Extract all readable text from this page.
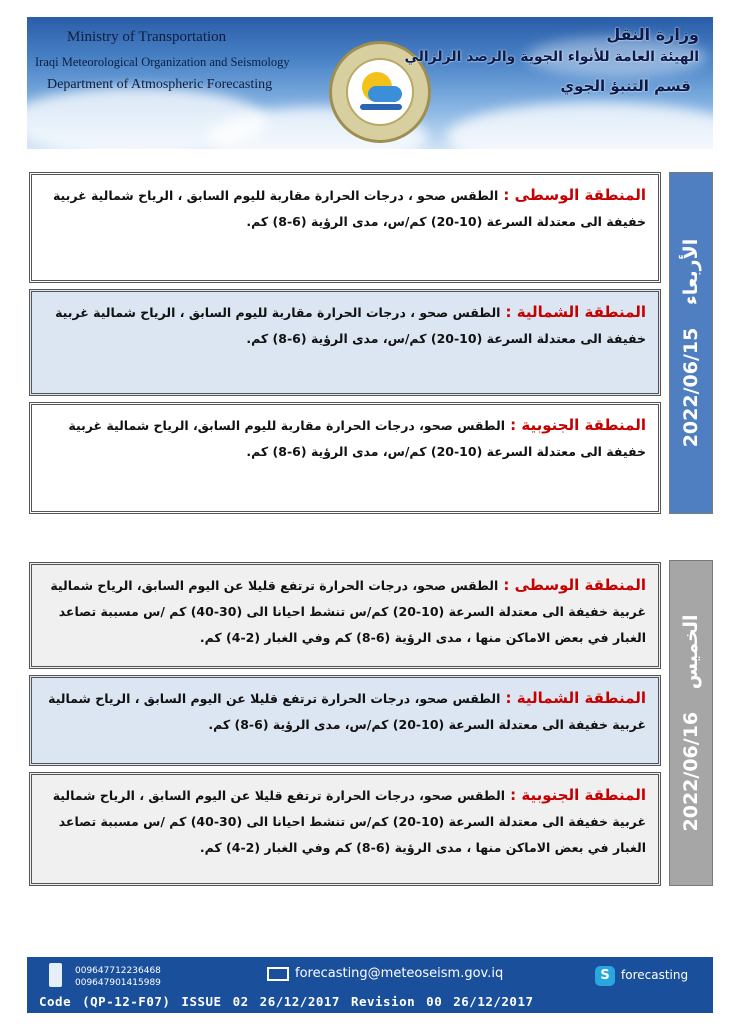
Ministry of Transportation
Iraqi Meteorological Organization and Seismology
Department of Atmospheric Forecasting
وزارة النقل
الهيئة العامة للأنواء الجوية والرصد الزلزالي
قسم التنبؤ الجوي
2022/06/15 الأربعاء
المنطقة الوسطى : الطقس صحو ، درجات الحرارة مقاربة لليوم السابق ، الرياح شمالية غربية خفيفة الى معتدلة السرعة (10-20) كم/س، مدى الرؤية (6-8) كم.
المنطقة الشمالية : الطقس صحو ، درجات الحرارة مقاربة لليوم السابق ، الرياح شمالية غربية خفيفة الى معتدلة السرعة (10-20) كم/س، مدى الرؤية (6-8) كم.
المنطقة الجنوبية : الطقس صحو، درجات الحرارة مقاربة لليوم السابق، الرياح شمالية غربية خفيفة الى معتدلة السرعة (10-20) كم/س، مدى الرؤية (6-8) كم.
2022/06/16 الخميس
المنطقة الوسطى : الطقس صحو، درجات الحرارة ترتفع قليلا عن اليوم السابق، الرياح شمالية غربية خفيفة الى معتدلة السرعة (10-20) كم/س تنشط احيانا الى (30-40) كم /س مسببة تصاعد الغبار في بعض الاماكن منها ، مدى الرؤية (6-8) كم وفي الغبار (2-4) كم.
المنطقة الشمالية : الطقس صحو، درجات الحرارة ترتفع قليلا عن اليوم السابق ، الرياح شمالية غربية خفيفة الى معتدلة السرعة (10-20) كم/س، مدى الرؤية (6-8) كم.
المنطقة الجنوبية : الطقس صحو، درجات الحرارة ترتفع قليلا عن اليوم السابق ، الرياح شمالية غربية خفيفة الى معتدلة السرعة (10-20) كم/س تنشط احيانا الى (30-40) كم /س مسببة تصاعد الغبار في بعض الاماكن منها ، مدى الرؤية (6-8) كم وفي الغبار (2-4) كم.
009647712236468
009647901415989
forecasting@meteoseism.gov.iq	S forecasting
Code (QP-12-F07) ISSUE 02 26/12/2017 Revision 00 26/12/2017
